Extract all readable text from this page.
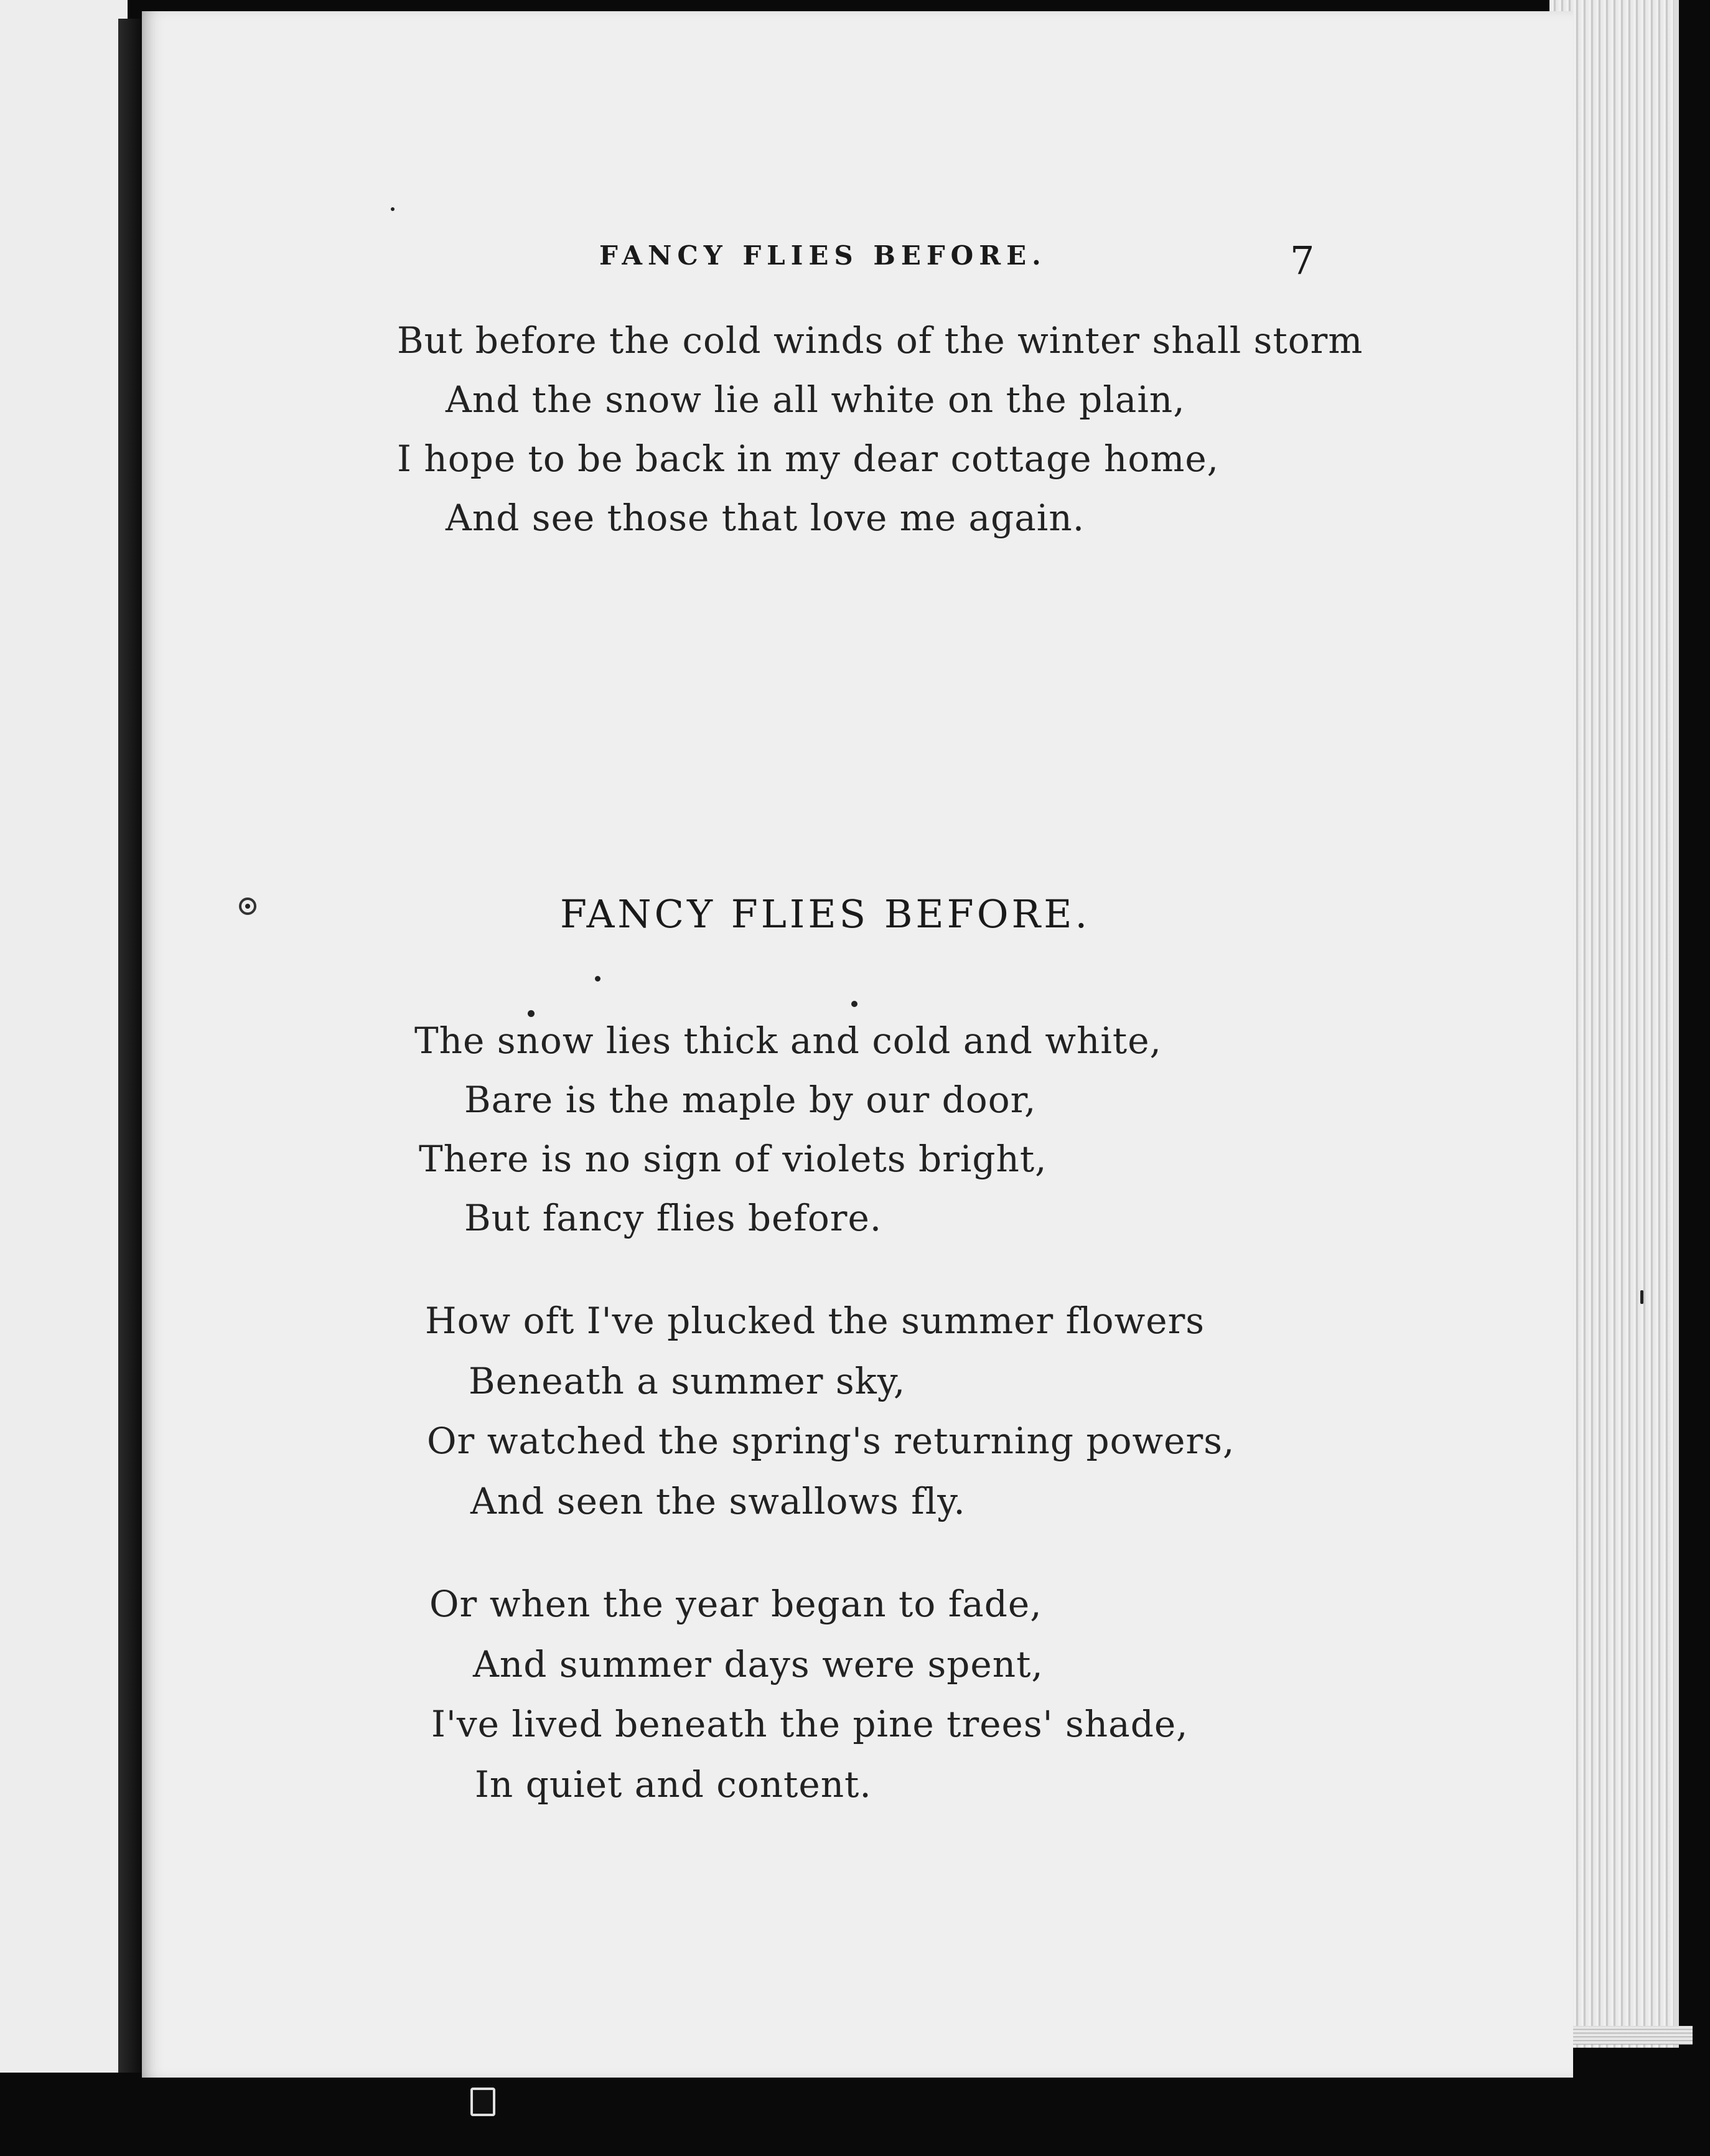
FANCY FLIES BEFORE.	7
But before the cold winds of the winter shall storm
And the snow lie all white on the plain,
I hope to be back in my dear cottage home,
And see those that love me again.
FANCY FLIES BEFORE.
The snow lies thick and cold and white,
Bare is the maple by our door,
There is no sign of violets bright,
But fancy flies before.
How oft I've plucked the summer flowers
Beneath a summer sky,
Or watched the spring's returning powers,
And seen the swallows fly.
Or when the year began to fade,
And summer days were spent,
I've lived beneath the pine trees' shade,
In quiet and content.
